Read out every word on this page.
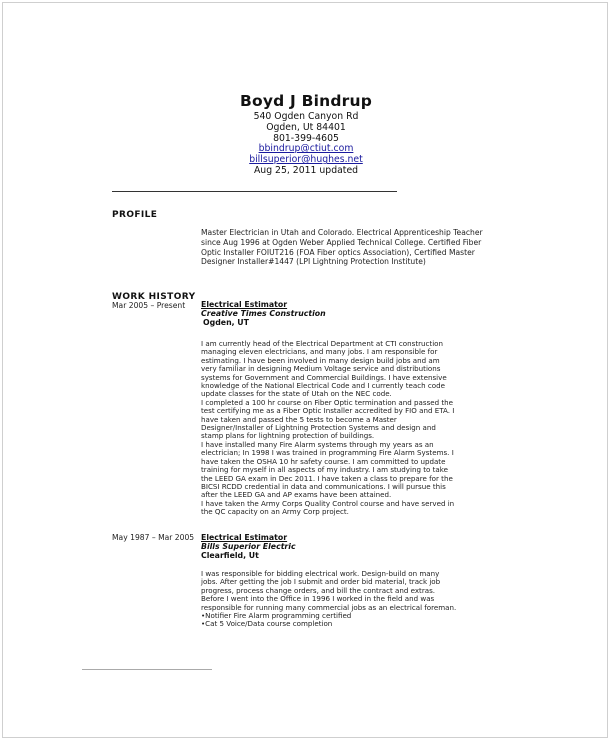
Boyd J Bindrup
540 Ogden Canyon Rd
Ogden, Ut 84401
801-399-4605
bbindrup@ctiut.com
billsuperior@hughes.net
Aug 25, 2011 updated
PROFILE
Master Electrician in Utah and Colorado. Electrical Apprenticeship Teacher since Aug 1996 at Ogden Weber Applied Technical College. Certified Fiber Optic Installer FOIUT216 (FOA Fiber optics Association), Certified Master Designer Installer#1447 (LPI Lightning Protection Institute)
WORK HISTORY
Mar 2005 – Present Electrical Estimator
Creative Times Construction
Ogden, UT
I am currently head of the Electrical Department at CTI construction
managing eleven electricians, and many jobs. I am responsible for
estimating. I have been involved in many design build jobs and am
very familiar in designing Medium Voltage service and distributions
systems for Government and Commercial Buildings. I have extensive
knowledge of the National Electrical Code and I currently teach code
update classes for the state of Utah on the NEC code.
I completed a 100 hr course on Fiber Optic termination and passed the
test certifying me as a Fiber Optic Installer accredited by FIO and ETA. I
have taken and passed the 5 tests to become a Master
Designer/Installer of Lightning Protection Systems and design and
stamp plans for lightning protection of buildings.
I have installed many Fire Alarm systems through my years as an
electrician; In 1998 I was trained in programming Fire Alarm Systems. I
have taken the OSHA 10 hr safety course. I am committed to update
training for myself in all aspects of my industry. I am studying to take
the LEED GA exam in Dec 2011. I have taken a class to prepare for the
BICSI RCDD credential in data and communications. I will pursue this
after the LEED GA and AP exams have been attained.
I have taken the Army Corps Quality Control course and have served in
the QC capacity on an Army Corp project.
May 1987 – Mar 2005 Electrical Estimator
Bills Superior Electric
Clearfield, Ut
I was responsible for bidding electrical work. Design-build on many
jobs. After getting the job I submit and order bid material, track job
progress, process change orders, and bill the contract and extras.
Before I went into the Office in 1996 I worked in the field and was
responsible for running many commercial jobs as an electrical foreman.
•Notifier Fire Alarm programming certified
•Cat 5 Voice/Data course completion
